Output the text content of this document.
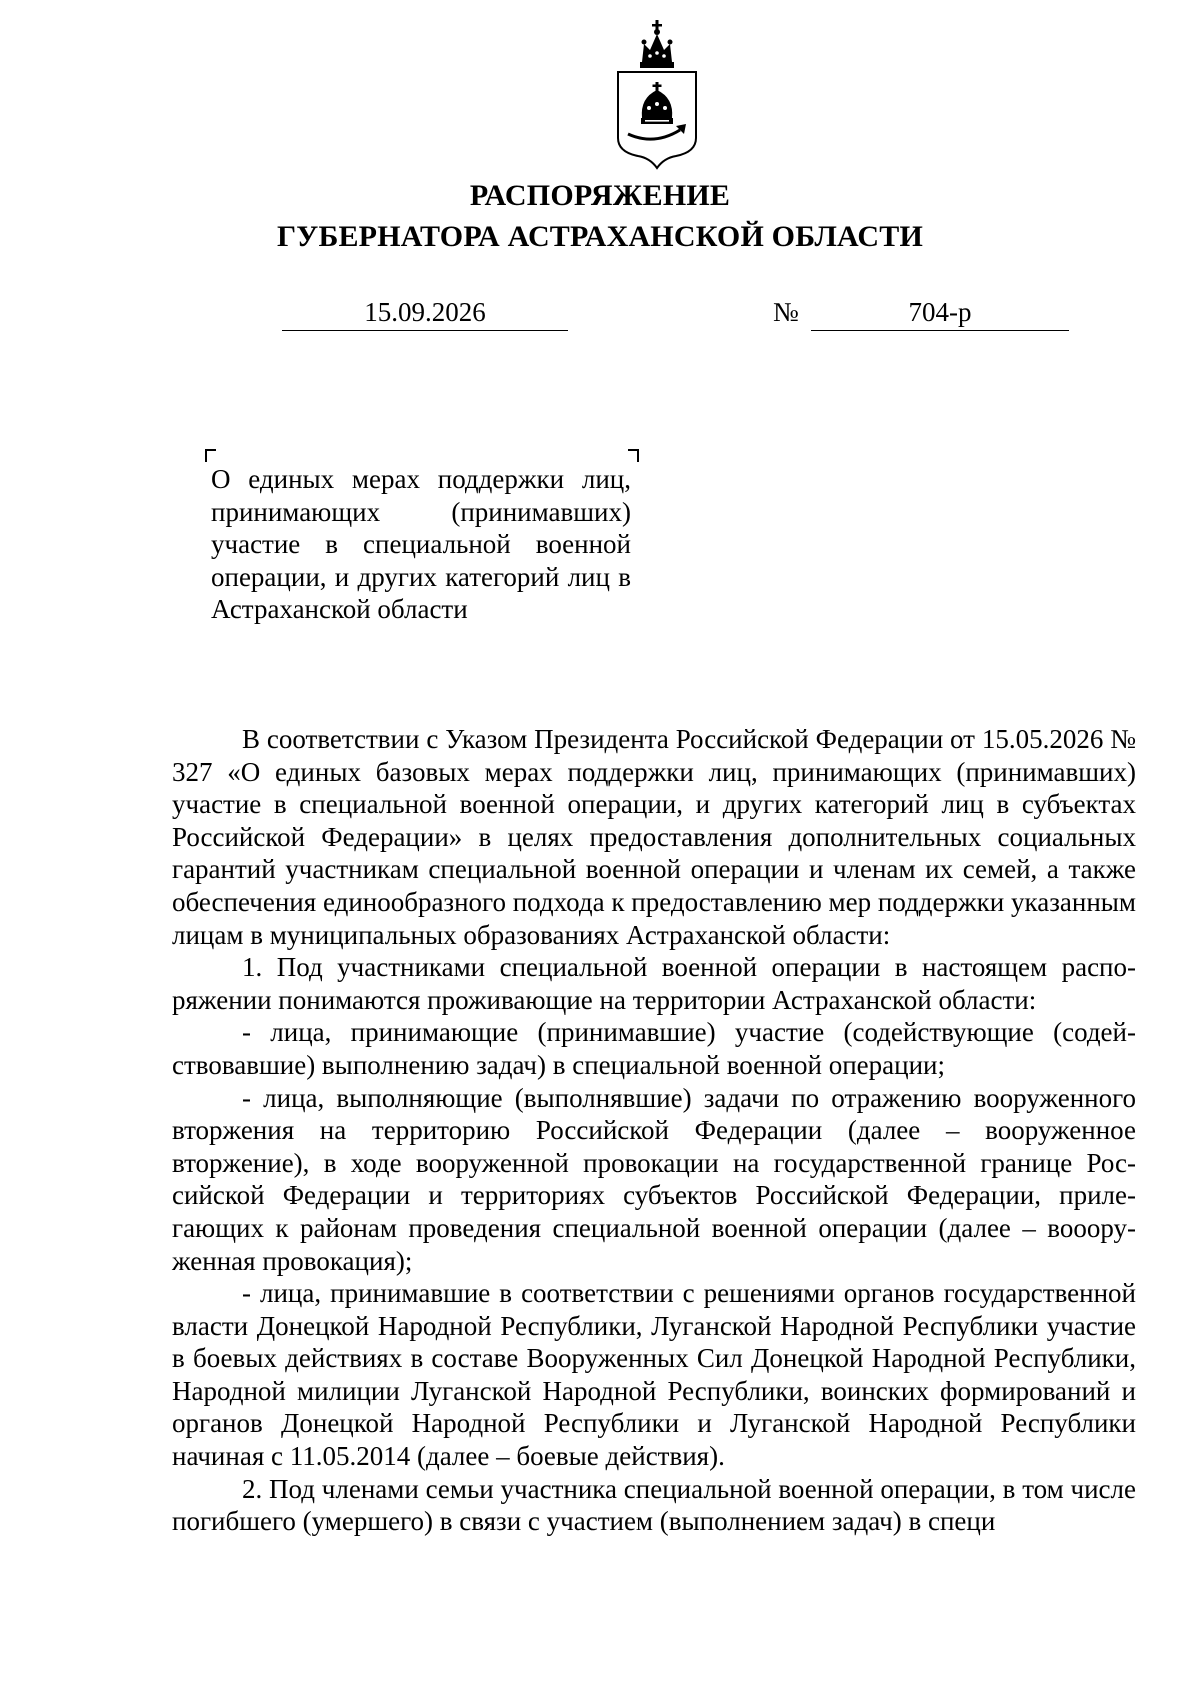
РАСПОРЯЖЕНИЕ
ГУБЕРНАТОРА АСТРАХАНСКОЙ ОБЛАСТИ
15.09.2026	№	704-р
О единых мерах поддержки лиц, принимающих (принимавших) участие в специальной военной операции, и других категорий лиц в Астраханской области

В соответствии с Указом Президента Российской Федерации от 15.05.2026 № 327 «О единых базовых мерах поддержки лиц, принимающих (принимавших) участие в специальной военной операции, и других категорий лиц в субъектах Российской Федерации» в целях предоставления дополнительных социальных гарантий участникам специальной военной операции и членам их семей, а также обеспечения единообразного подхода к предоставлению мер поддержки указанным лицам в муниципальных образованиях Астраханской области:

1. Под участниками специальной военной операции в настоящем распоряжении понимаются проживающие на территории Астраханской области:

- лица, принимающие (принимавшие) участие (содействующие (содействовавшие) выполнению задач) в специальной военной операции;

- лица, выполняющие (выполнявшие) задачи по отражению вооруженного вторжения на территорию Российской Федерации (далее – вооруженное вторжение), в ходе вооруженной провокации на государственной границе Российской Федерации и территориях субъектов Российской Федерации, прилегающих к районам проведения специальной военной операции (далее – воооруженная провокация);

- лица, принимавшие в соответствии с решениями органов государственной власти Донецкой Народной Республики, Луганской Народной Республики участие в боевых действиях в составе Вооруженных Сил Донецкой Народной Республики, Народной милиции Луганской Народной Республики, воинских формирований и органов Донецкой Народной Республики и Луганской Народной Республики начиная с 11.05.2014 (далее – боевые действия).

2. Под членами семьи участника специальной военной операции, в том числе погибшего (умершего) в связи с участием (выполнением задач) в специ
